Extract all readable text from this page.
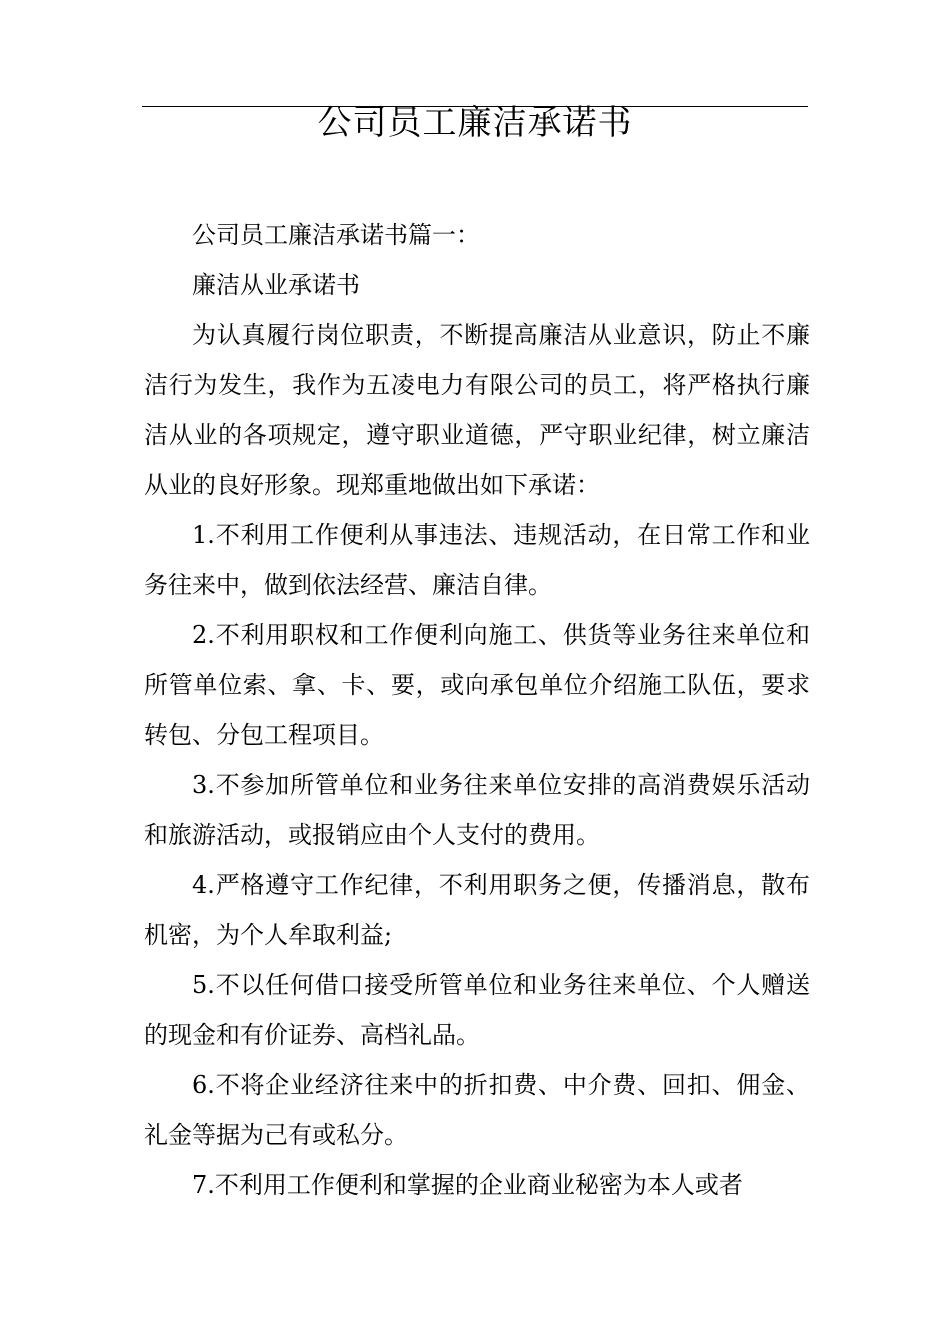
公司员工廉洁承诺书

公司员工廉洁承诺书篇一：

廉洁从业承诺书

为认真履行岗位职责，不断提高廉洁从业意识，防止不廉洁行为发生，我作为五凌电力有限公司的员工，将严格执行廉洁从业的各项规定，遵守职业道德，严守职业纪律，树立廉洁从业的良好形象。现郑重地做出如下承诺：

1.不利用工作便利从事违法、违规活动，在日常工作和业务往来中，做到依法经营、廉洁自律。

2.不利用职权和工作便利向施工、供货等业务往来单位和所管单位索、拿、卡、要，或向承包单位介绍施工队伍，要求转包、分包工程项目。

3.不参加所管单位和业务往来单位安排的高消费娱乐活动和旅游活动，或报销应由个人支付的费用。

4.严格遵守工作纪律，不利用职务之便，传播消息，散布机密，为个人牟取利益;

5.不以任何借口接受所管单位和业务往来单位、个人赠送的现金和有价证券、高档礼品。

6.不将企业经济往来中的折扣费、中介费、回扣、佣金、礼金等据为己有或私分。

7.不利用工作便利和掌握的企业商业秘密为本人或者
